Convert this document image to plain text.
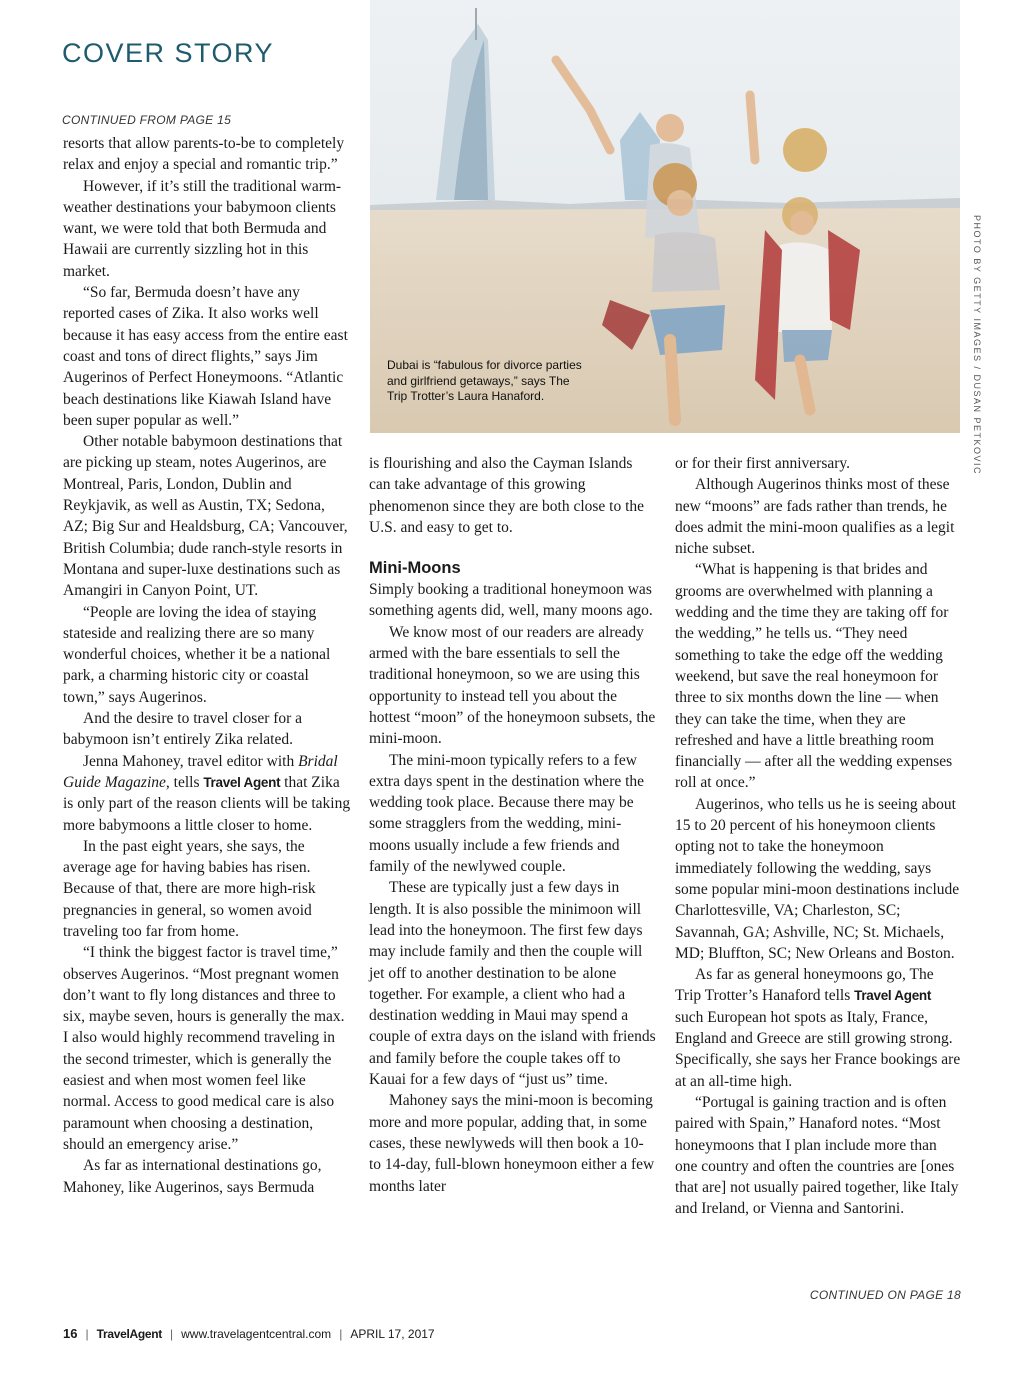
COVER STORY
Dubai is “fabulous for divorce parties and girlfriend getaways,” says The Trip Trotter’s Laura Hanaford.	PHOTO BY GETTY IMAGES / DUSAN PETKOVIC
CONTINUED FROM PAGE 15

resorts that allow parents-to-be to completely relax and enjoy a special and romantic trip.”

However, if it’s still the traditional warm-weather destinations your babymoon clients want, we were told that both Bermuda and Hawaii are currently sizzling hot in this market.

“So far, Bermuda doesn’t have any reported cases of Zika. It also works well because it has easy access from the entire east coast and tons of direct flights,” says Jim Augerinos of Perfect Honeymoons. “Atlantic beach destinations like Kiawah Island have been super popular as well.”

Other notable babymoon destinations that are picking up steam, notes Augerinos, are Montreal, Paris, London, Dublin and Reykjavik, as well as Austin, TX; Sedona, AZ; Big Sur and Healdsburg, CA; Vancouver, British Columbia; dude ranch-style resorts in Montana and super-luxe destinations such as Amangiri in Canyon Point, UT.

“People are loving the idea of staying stateside and realizing there are so many wonderful choices, whether it be a national park, a charming historic city or coastal town,” says Augerinos.

And the desire to travel closer for a babymoon isn’t entirely Zika related.

Jenna Mahoney, travel editor with Bridal Guide Magazine, tells Travel Agent that Zika is only part of the reason clients will be taking more babymoons a little closer to home.

In the past eight years, she says, the average age for having babies has risen. Because of that, there are more high-risk pregnancies in general, so women avoid traveling too far from home.

“I think the biggest factor is travel time,” observes Augerinos. “Most pregnant women don’t want to fly long distances and three to six, maybe seven, hours is generally the max. I also would highly recommend traveling in the second trimester, which is generally the easiest and when most women feel like normal. Access to good medical care is also paramount when choosing a destination, should an emergency arise.”

As far as international destinations go, Mahoney, like Augerinos, says Bermuda

is flourishing and also the Cayman Islands can take advantage of this growing phenomenon since they are both close to the U.S. and easy to get to.

Mini-Moons

Simply booking a traditional honeymoon was something agents did, well, many moons ago.

We know most of our readers are already armed with the bare essentials to sell the traditional honeymoon, so we are using this opportunity to instead tell you about the hottest “moon” of the honeymoon subsets, the mini-moon.

The mini-moon typically refers to a few extra days spent in the destination where the wedding took place. Because there may be some stragglers from the wedding, mini-moons usually include a few friends and family of the newlywed couple.

These are typically just a few days in length. It is also possible the minimoon will lead into the honeymoon. The first few days may include family and then the couple will jet off to another destination to be alone together. For example, a client who had a destination wedding in Maui may spend a couple of extra days on the island with friends and family before the couple takes off to Kauai for a few days of “just us” time.

Mahoney says the mini-moon is becoming more and more popular, adding that, in some cases, these newlyweds will then book a 10- to 14-day, full-blown honeymoon either a few months later

or for their first anniversary.

Although Augerinos thinks most of these new “moons” are fads rather than trends, he does admit the mini-moon qualifies as a legit niche subset.

“What is happening is that brides and grooms are overwhelmed with planning a wedding and the time they are taking off for the wedding,” he tells us. “They need something to take the edge off the wedding weekend, but save the real honeymoon for three to six months down the line — when they can take the time, when they are refreshed and have a little breathing room financially — after all the wedding expenses roll at once.”

Augerinos, who tells us he is seeing about 15 to 20 percent of his honeymoon clients opting not to take the honeymoon immediately following the wedding, says some popular mini-moon destinations include Charlottesville, VA; Charleston, SC; Savannah, GA; Ashville, NC; St. Michaels, MD; Bluffton, SC; New Orleans and Boston.

As far as general honeymoons go, The Trip Trotter’s Hanaford tells Travel Agent such European hot spots as Italy, France, England and Greece are still growing strong. Specifically, she says her France bookings are at an all-time high.

“Portugal is gaining traction and is often paired with Spain,” Hanaford notes. “Most honeymoons that I plan include more than one country and often the countries are [ones that are] not usually paired together, like Italy and Ireland, or Vienna and Santorini.

CONTINUED ON PAGE 18
16 | TravelAgent | www.travelagentcentral.com | APRIL 17, 2017
